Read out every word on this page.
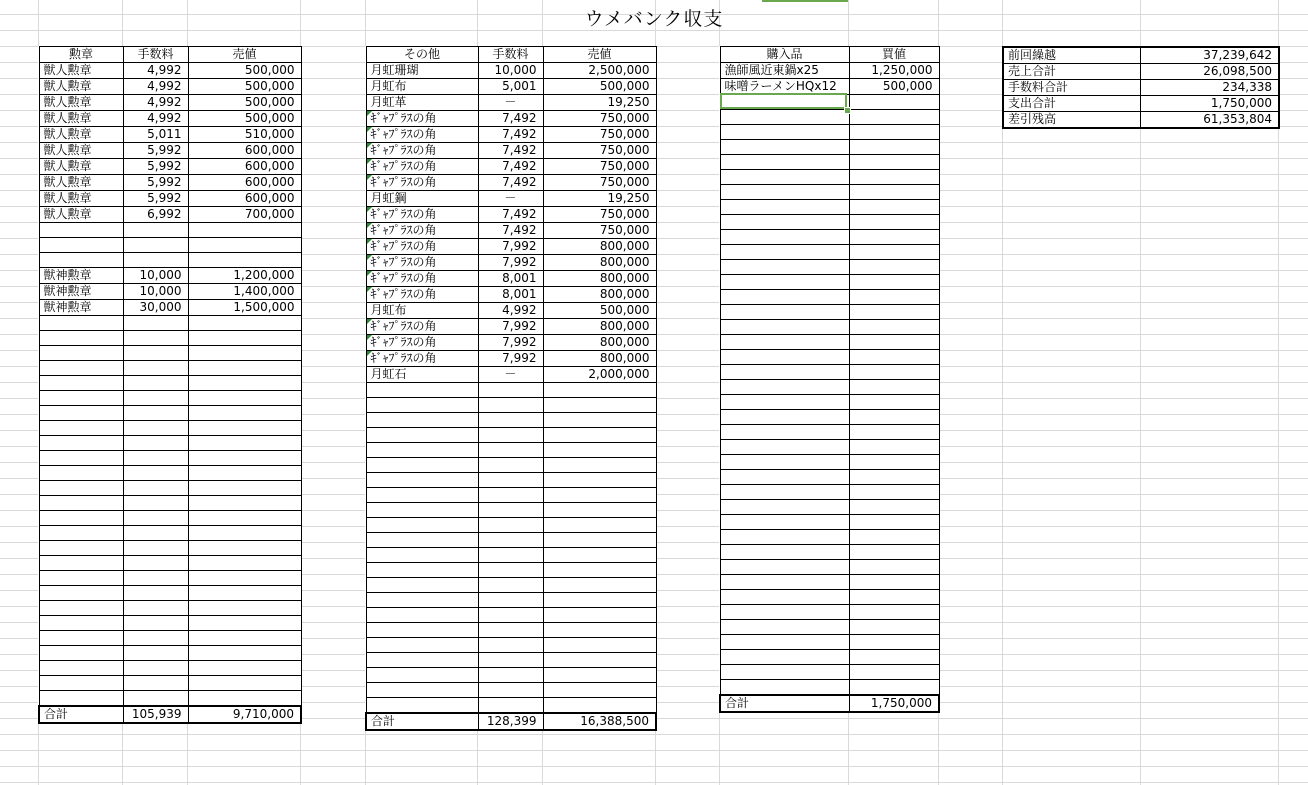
ウメバンク収支
勲章	手数料	売値
獣人勲章	4,992	500,000
獣人勲章	4,992	500,000
獣人勲章	4,992	500,000
獣人勲章	4,992	500,000
獣人勲章	5,011	510,000
獣人勲章	5,992	600,000
獣人勲章	5,992	600,000
獣人勲章	5,992	600,000
獣人勲章	5,992	600,000
獣人勲章	6,992	700,000

獣神勲章	10,000	1,200,000
獣神勲章	10,000	1,400,000
獣神勲章	30,000	1,500,000

合計	105,939	9,710,000
その他	手数料	売値
月虹珊瑚	10,000	2,500,000
月虹布	5,001	500,000
月虹革	－	19,250
ｷﾞｬﾌﾟﾗｽの角	7,492	750,000
ｷﾞｬﾌﾟﾗｽの角	7,492	750,000
ｷﾞｬﾌﾟﾗｽの角	7,492	750,000
ｷﾞｬﾌﾟﾗｽの角	7,492	750,000
ｷﾞｬﾌﾟﾗｽの角	7,492	750,000
月虹鋼	－	19,250
ｷﾞｬﾌﾟﾗｽの角	7,492	750,000
ｷﾞｬﾌﾟﾗｽの角	7,492	750,000
ｷﾞｬﾌﾟﾗｽの角	7,992	800,000
ｷﾞｬﾌﾟﾗｽの角	7,992	800,000
ｷﾞｬﾌﾟﾗｽの角	8,001	800,000
ｷﾞｬﾌﾟﾗｽの角	8,001	800,000
月虹布	4,992	500,000
ｷﾞｬﾌﾟﾗｽの角	7,992	800,000
ｷﾞｬﾌﾟﾗｽの角	7,992	800,000
ｷﾞｬﾌﾟﾗｽの角	7,992	800,000
月虹石	－	2,000,000

合計	128,399	16,388,500
購入品	買値
漁師風近東鍋x25	1,250,000
味噌ラーメンHQx12	500,000

合計	1,750,000
前回繰越	37,239,642
売上合計	26,098,500
手数料合計	234,338
支出合計	1,750,000
差引残高	61,353,804
